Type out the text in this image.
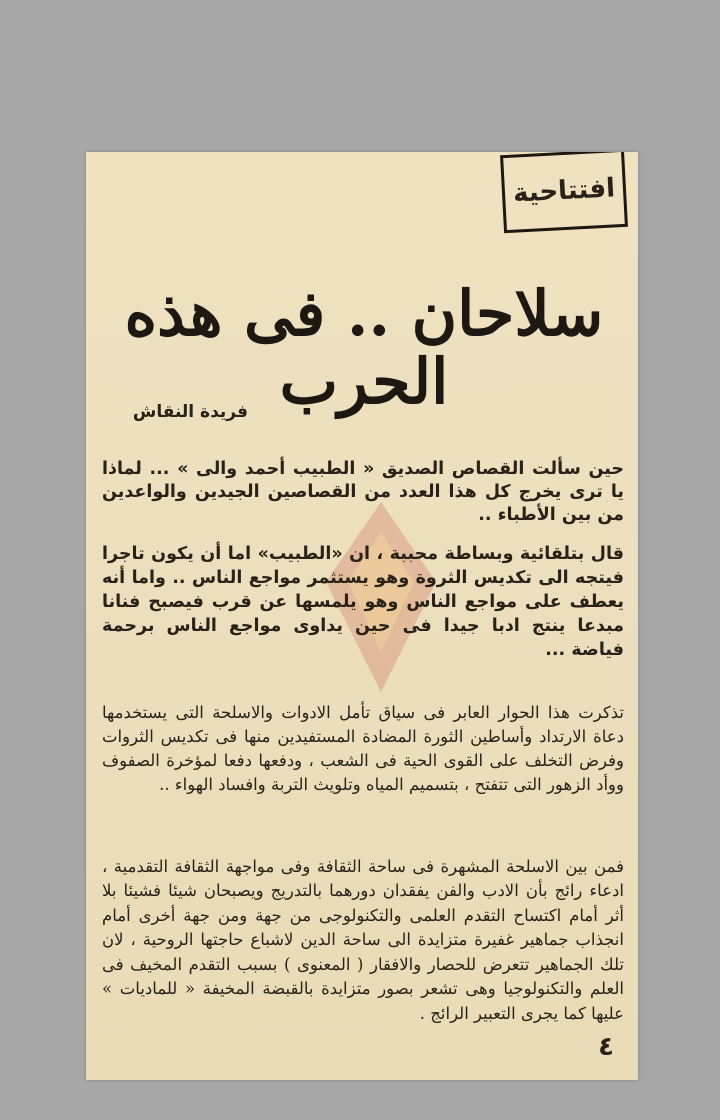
افتتاحية
سلاحان .. فى هذه الحرب
فريدة النقاش

حين سألت القصاص الصديق « الطبيب أحمد والى » ... لماذا يا ترى يخرج كل هذا العدد من القصاصين الجيدين والواعدين من بين الأطباء ..

قال بتلقائية وبساطة محببة ، ان «الطبيب» اما أن يكون تاجرا فيتجه الى تكديس الثروة وهو يستثمر مواجع الناس .. واما أنه يعطف على مواجع الناس وهو يلمسها عن قرب فيصبح فنانا مبدعا ينتج ادبا جيدا فى حين يداوى مواجع الناس برحمة فياضة ...

تذكرت هذا الحوار العابر فى سياق تأمل الادوات والاسلحة التى يستخدمها دعاة الارتداد وأساطين الثورة المضادة المستفيدين منها فى تكديس الثروات وفرض التخلف على القوى الحية فى الشعب ، ودفعها دفعا لمؤخرة الصفوف ووأد الزهور التى تتفتح ، بتسميم المياه وتلويث التربة وافساد الهواء ..

فمن بين الاسلحة المشهرة فى ساحة الثقافة وفى مواجهة الثقافة التقدمية ، ادعاء رائج بأن الادب والفن يفقدان دورهما بالتدريج ويصبحان شيئا فشيئا بلا أثر أمام اكتساح التقدم العلمى والتكنولوجى من جهة ومن جهة أخرى أمام انجذاب جماهير غفيرة متزايدة الى ساحة الدين لاشباع حاجتها الروحية ، لان تلك الجماهير تتعرض للحصار والافقار ( المعنوى ) بسبب التقدم المخيف فى العلم والتكنولوجيا وهى تشعر بصور متزايدة بالقبضة المخيفة « للماديات » عليها كما يجرى التعبير الرائج .

٤
